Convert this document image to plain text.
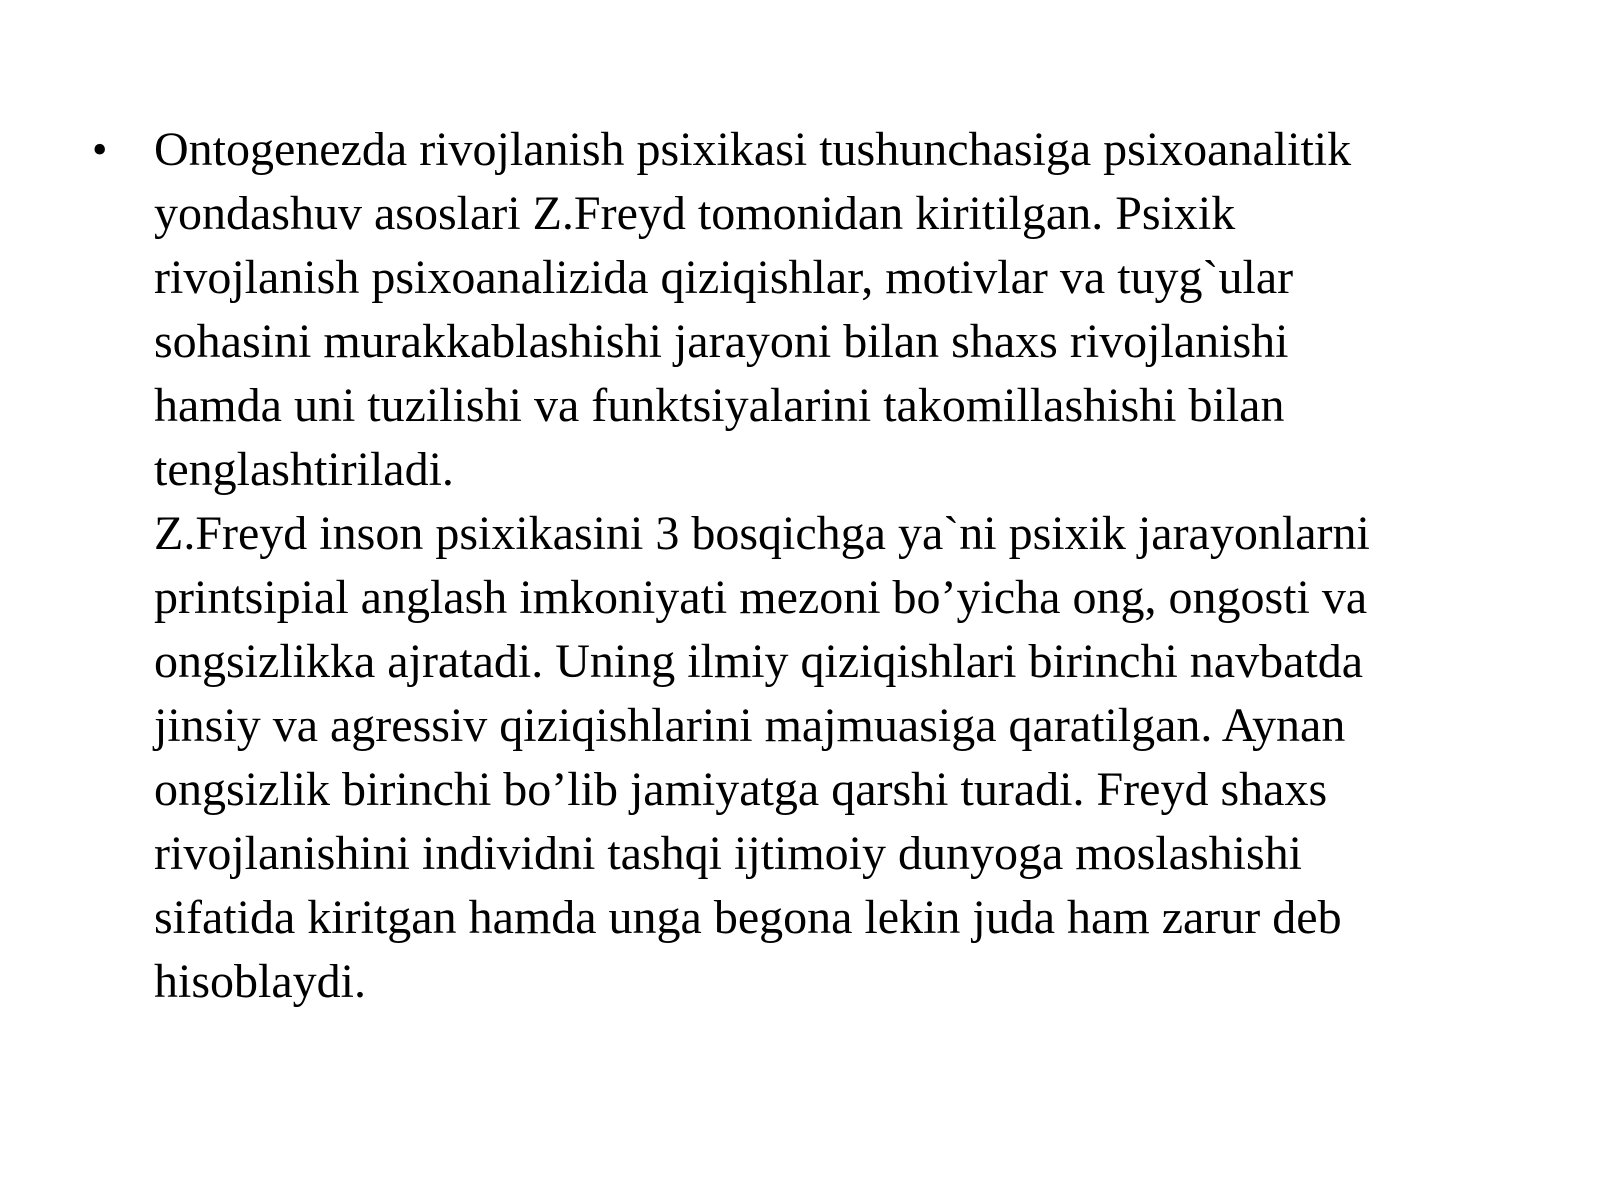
• Ontogenezda rivojlanish psixikasi tushunchasiga psixoanalitik
yondashuv asoslari Z.Freyd tomonidan kiritilgan. Psixik
rivojlanish psixoanalizida qiziqishlar, motivlar va tuyg`ular
sohasini murakkablashishi jarayoni bilan shaxs rivojlanishi
hamda uni tuzilishi va funktsiyalarini takomillashishi bilan
tenglashtiriladi.

Z.Freyd inson psixikasini 3 bosqichga ya`ni psixik jarayonlarni
printsipial anglash imkoniyati mezoni bo’yicha ong, ongosti va
ongsizlikka ajratadi. Uning ilmiy qiziqishlari birinchi navbatda
jinsiy va agressiv qiziqishlarini majmuasiga qaratilgan. Aynan
ongsizlik birinchi bo’lib jamiyatga qarshi turadi. Freyd shaxs
rivojlanishini individni tashqi ijtimoiy dunyoga moslashishi
sifatida kiritgan hamda unga begona lekin juda ham zarur deb
hisoblaydi.
